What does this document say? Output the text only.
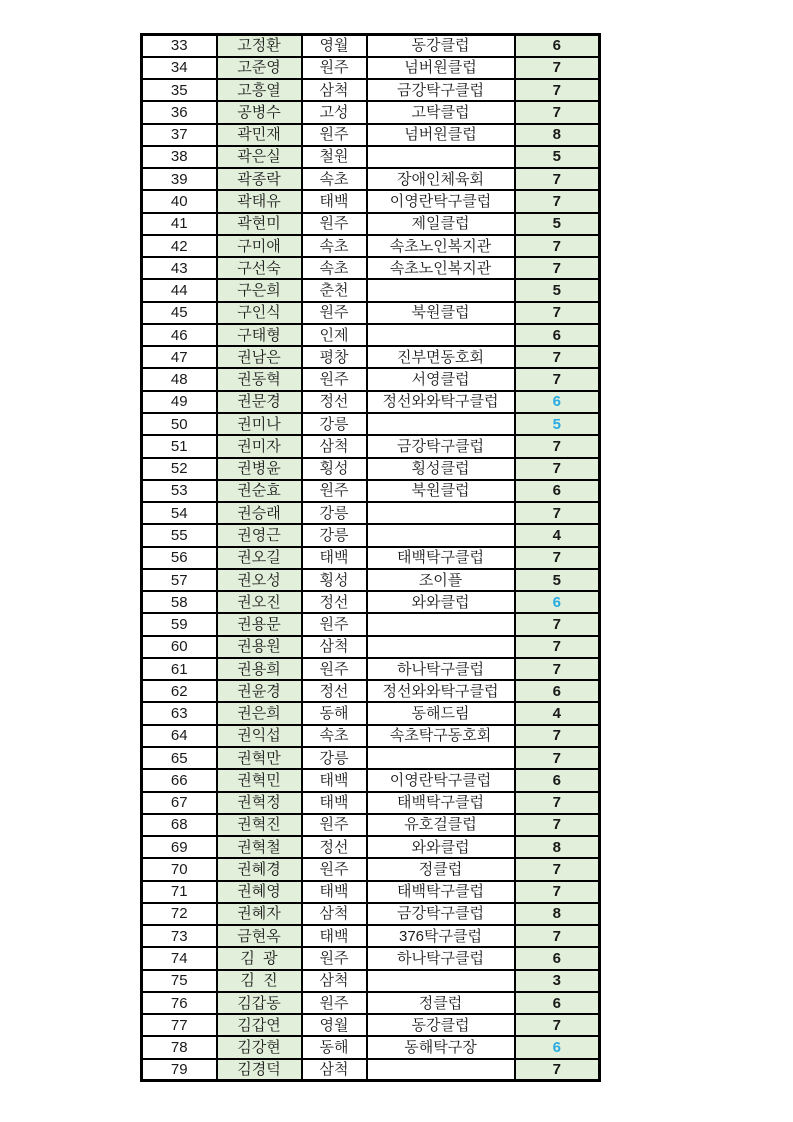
33	고정환	영월	동강클럽	6
34	고준영	원주	넘버원클럽	7
35	고흥열	삼척	금강탁구클럽	7
36	공병수	고성	고탁클럽	7
37	곽민재	원주	넘버원클럽	8
38	곽은실	철원		5
39	곽종락	속초	장애인체육회	7
40	곽태유	태백	이영란탁구클럽	7
41	곽현미	원주	제일클럽	5
42	구미애	속초	속초노인복지관	7
43	구선숙	속초	속초노인복지관	7
44	구은희	춘천		5
45	구인식	원주	북원클럽	7
46	구태형	인제		6
47	권남은	평창	진부면동호회	7
48	권동혁	원주	서영클럽	7
49	권문경	정선	정선와와탁구클럽	6
50	권미나	강릉		5
51	권미자	삼척	금강탁구클럽	7
52	권병윤	횡성	횡성클럽	7
53	권순효	원주	북원클럽	6
54	권승래	강릉		7
55	권영근	강릉		4
56	권오길	태백	태백탁구클럽	7
57	권오성	횡성	조이플	5
58	권오진	정선	와와클럽	6
59	권용문	원주		7
60	권용원	삼척		7
61	권용희	원주	하나탁구클럽	7
62	권윤경	정선	정선와와탁구클럽	6
63	권은희	동해	동해드림	4
64	권익섭	속초	속초탁구동호회	7
65	권혁만	강릉		7
66	권혁민	태백	이영란탁구클럽	6
67	권혁정	태백	태백탁구클럽	7
68	권혁진	원주	유호걸클럽	7
69	권혁철	정선	와와클럽	8
70	권혜경	원주	정클럽	7
71	권혜영	태백	태백탁구클럽	7
72	권혜자	삼척	금강탁구클럽	8
73	금현옥	태백	376탁구클럽	7
74	김  광	원주	하나탁구클럽	6
75	김  진	삼척		3
76	김갑동	원주	정클럽	6
77	김갑연	영월	동강클럽	7
78	김강현	동해	동해탁구장	6
79	김경덕	삼척		7
